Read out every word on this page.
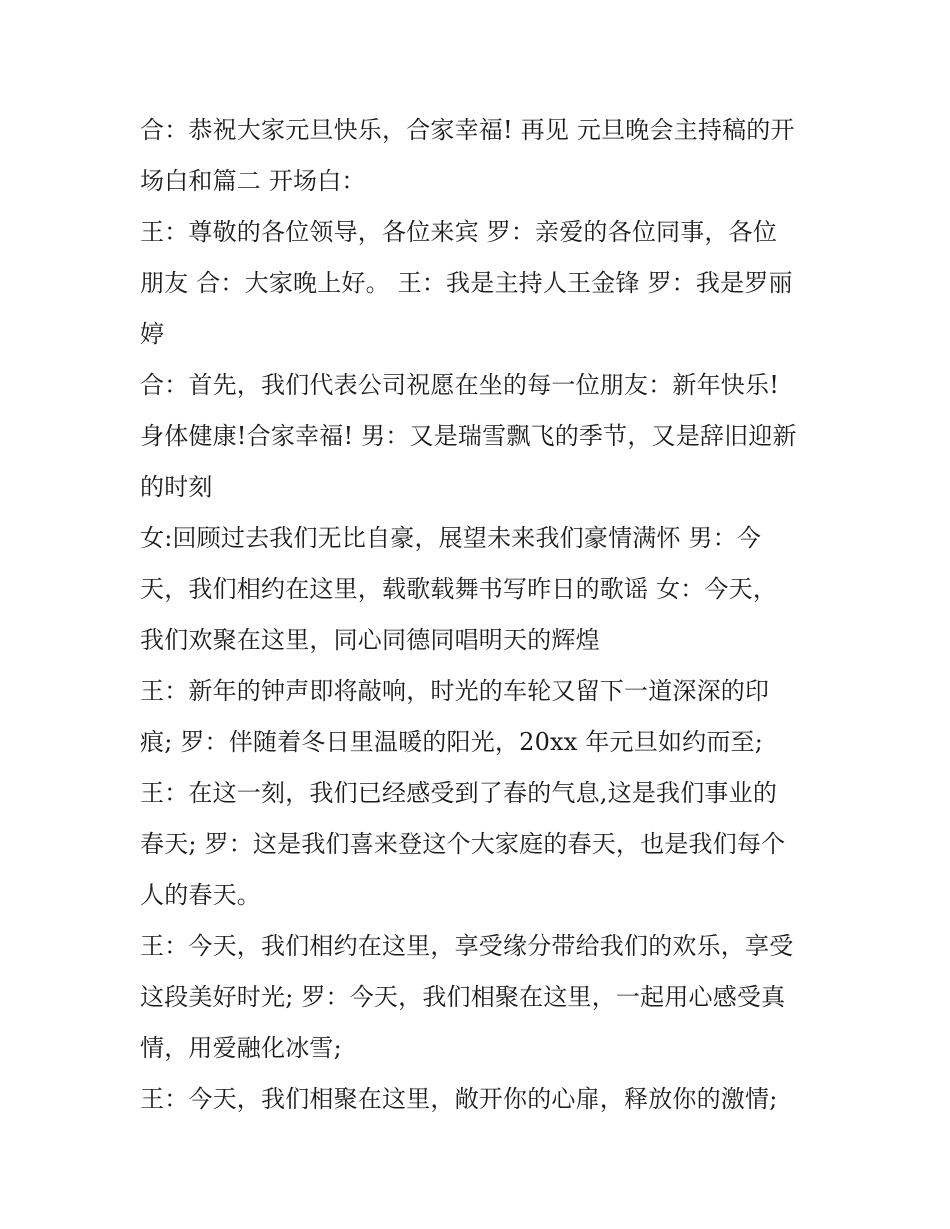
合：恭祝大家元旦快乐，合家幸福! 再见 元旦晚会主持稿的开
场白和篇二 开场白：
王：尊敬的各位领导，各位来宾 罗：亲爱的各位同事，各位
朋友 合：大家晚上好。 王：我是主持人王金锋 罗：我是罗丽
婷
合：首先，我们代表公司祝愿在坐的每一位朋友：新年快乐!
身体健康!合家幸福! 男：又是瑞雪飘飞的季节，又是辞旧迎新
的时刻
女:回顾过去我们无比自豪，展望未来我们豪情满怀 男：今
天，我们相约在这里，载歌载舞书写昨日的歌谣 女：今天，
我们欢聚在这里，同心同德同唱明天的辉煌
王：新年的钟声即将敲响，时光的车轮又留下一道深深的印
痕; 罗：伴随着冬日里温暖的阳光，20xx 年元旦如约而至;
王：在这一刻，我们已经感受到了春的气息,这是我们事业的
春天; 罗：这是我们喜来登这个大家庭的春天，也是我们每个
人的春天。
王：今天，我们相约在这里，享受缘分带给我们的欢乐，享受
这段美好时光; 罗：今天，我们相聚在这里，一起用心感受真
情，用爱融化冰雪;
王：今天，我们相聚在这里，敞开你的心扉，释放你的激情;
